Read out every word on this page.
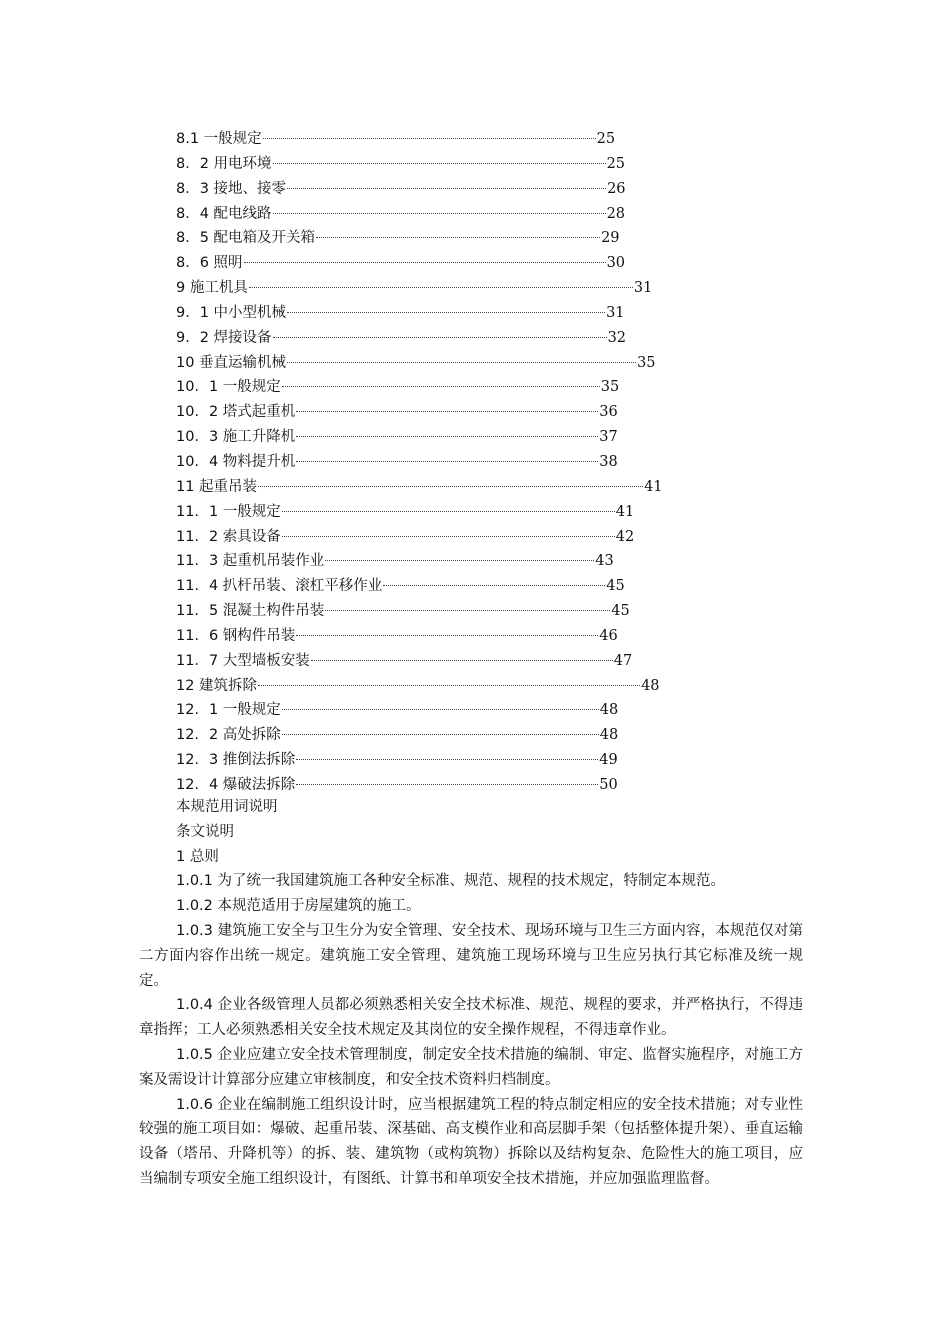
8.1 一般规定	25
8．2 用电环境	25
8．3 接地、接零	26
8．4 配电线路	28
8．5 配电箱及开关箱	29
8．6 照明	30
9 施工机具	31
9．1 中小型机械	31
9．2 焊接设备	32
10 垂直运输机械	35
10．1 一般规定	35
10．2 塔式起重机	36
10．3 施工升降机	37
10．4 物料提升机	38
11 起重吊装	41
11．1 一般规定	41
11．2 索具设备	42
11．3 起重机吊装作业	43
11．4 扒杆吊装、滚杠平移作业	45
11．5 混凝土构件吊装	45
11．6 钢构件吊装	46
11．7 大型墙板安装	47
12 建筑拆除	48
12．1 一般规定	48
12．2 高处拆除	48
12．3 推倒法拆除	49
12．4 爆破法拆除	50

本规范用词说明

条文说明

1 总则

1.0.1 为了统一我国建筑施工各种安全标准、规范、规程的技术规定，特制定本规范。

1.0.2 本规范适用于房屋建筑的施工。

1.0.3 建筑施工安全与卫生分为安全管理、安全技术、现场环境与卫生三方面内容，本规范仅对第二方面内容作出统一规定。建筑施工安全管理、建筑施工现场环境与卫生应另执行其它标准及统一规定。

1.0.4 企业各级管理人员都必须熟悉相关安全技术标准、规范、规程的要求，并严格执行，不得违章指挥；工人必须熟悉相关安全技术规定及其岗位的安全操作规程，不得违章作业。

1.0.5 企业应建立安全技术管理制度，制定安全技术措施的编制、审定、监督实施程序，对施工方案及需设计计算部分应建立审核制度，和安全技术资料归档制度。

1.0.6 企业在编制施工组织设计时，应当根据建筑工程的特点制定相应的安全技术措施；对专业性较强的施工项目如：爆破、起重吊装、深基础、高支模作业和高层脚手架（包括整体提升架）、垂直运输设备（塔吊、升降机等）的拆、装、建筑物（或构筑物）拆除以及结构复杂、危险性大的施工项目，应当编制专项安全施工组织设计，有图纸、计算书和单项安全技术措施，并应加强监理监督。
